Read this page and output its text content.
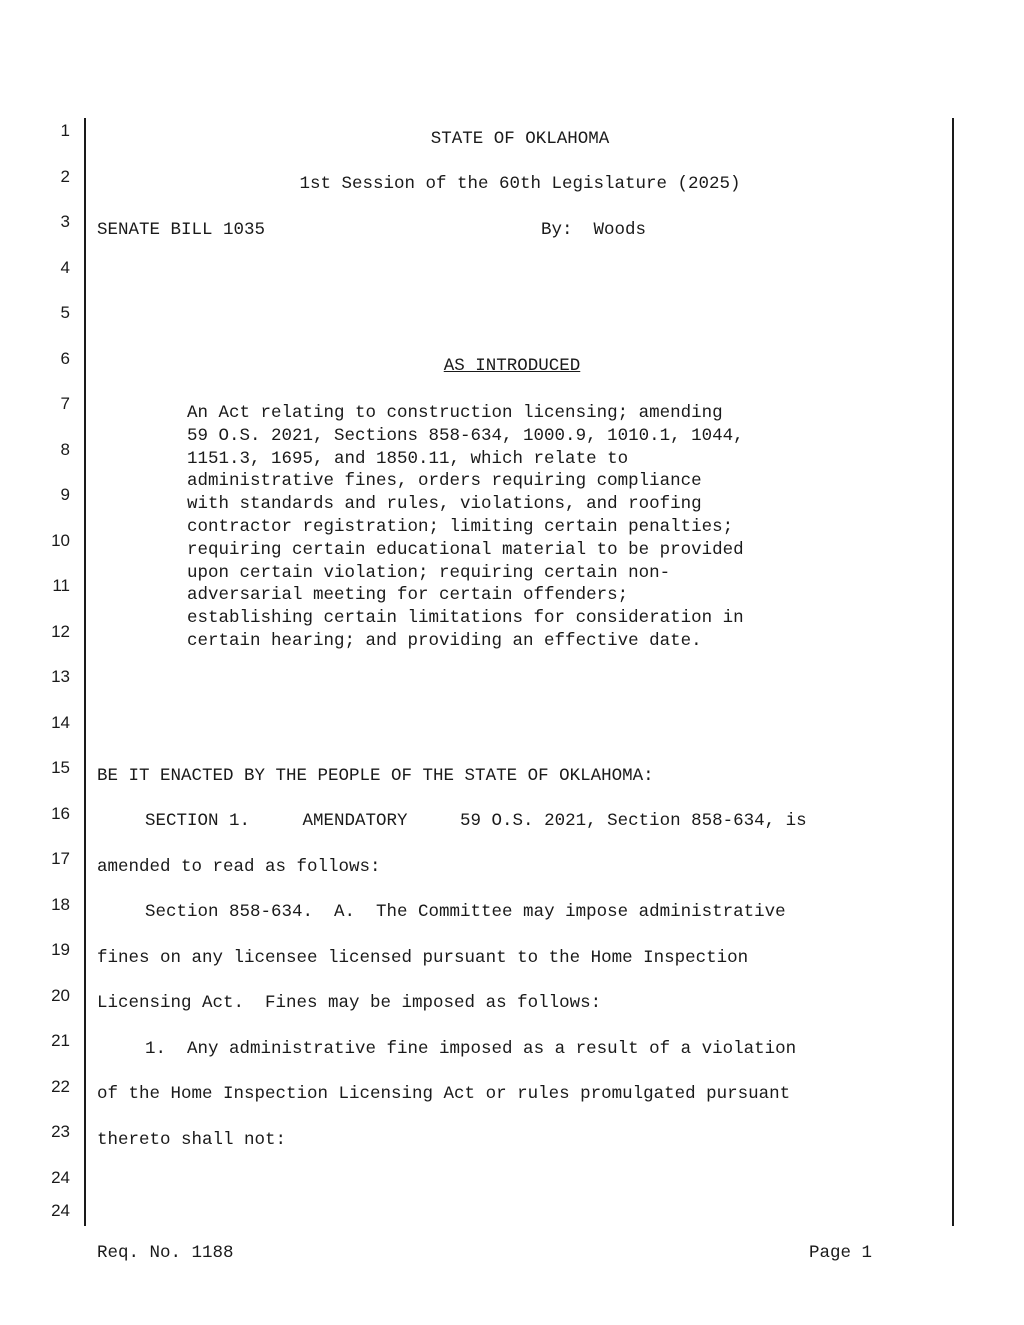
1
2
3
4
5
6
7
8
9
10
11
12
13
14
15
16
17
18
19
20
21
22
23
24
24
STATE OF OKLAHOMA
1st Session of the 60th Legislature (2025)
SENATE BILL 1035	By:  Woods
AS INTRODUCED
An Act relating to construction licensing; amending
59 O.S. 2021, Sections 858-634, 1000.9, 1010.1, 1044,
1151.3, 1695, and 1850.11, which relate to
administrative fines, orders requiring compliance
with standards and rules, violations, and roofing
contractor registration; limiting certain penalties;
requiring certain educational material to be provided
upon certain violation; requiring certain non-
adversarial meeting for certain offenders;
establishing certain limitations for consideration in
certain hearing; and providing an effective date.
BE IT ENACTED BY THE PEOPLE OF THE STATE OF OKLAHOMA:
SECTION 1.     AMENDATORY     59 O.S. 2021, Section 858-634, is
amended to read as follows:
Section 858-634.  A.  The Committee may impose administrative
fines on any licensee licensed pursuant to the Home Inspection
Licensing Act.  Fines may be imposed as follows:
1.  Any administrative fine imposed as a result of a violation
of the Home Inspection Licensing Act or rules promulgated pursuant
thereto shall not:
Req. No. 1188	Page 1
